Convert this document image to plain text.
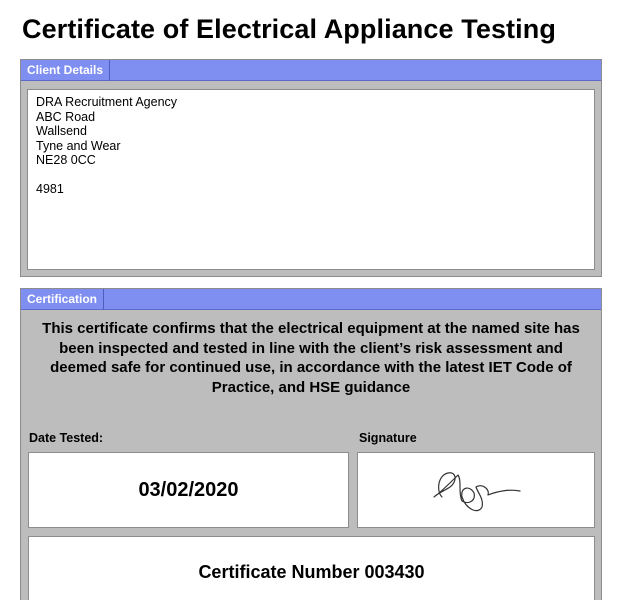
Certificate of Electrical Appliance Testing
Client Details
DRA Recruitment Agency
ABC Road
Wallsend
Tyne and Wear
NE28 0CC
4981
Certification
This certificate confirms that the electrical equipment at the named site has been inspected and tested in line with the client’s risk assessment and deemed safe for continued use, in accordance with the latest IET Code of Practice, and HSE guidance
Date Tested:	Signature
03/02/2020
Certificate Number 003430
